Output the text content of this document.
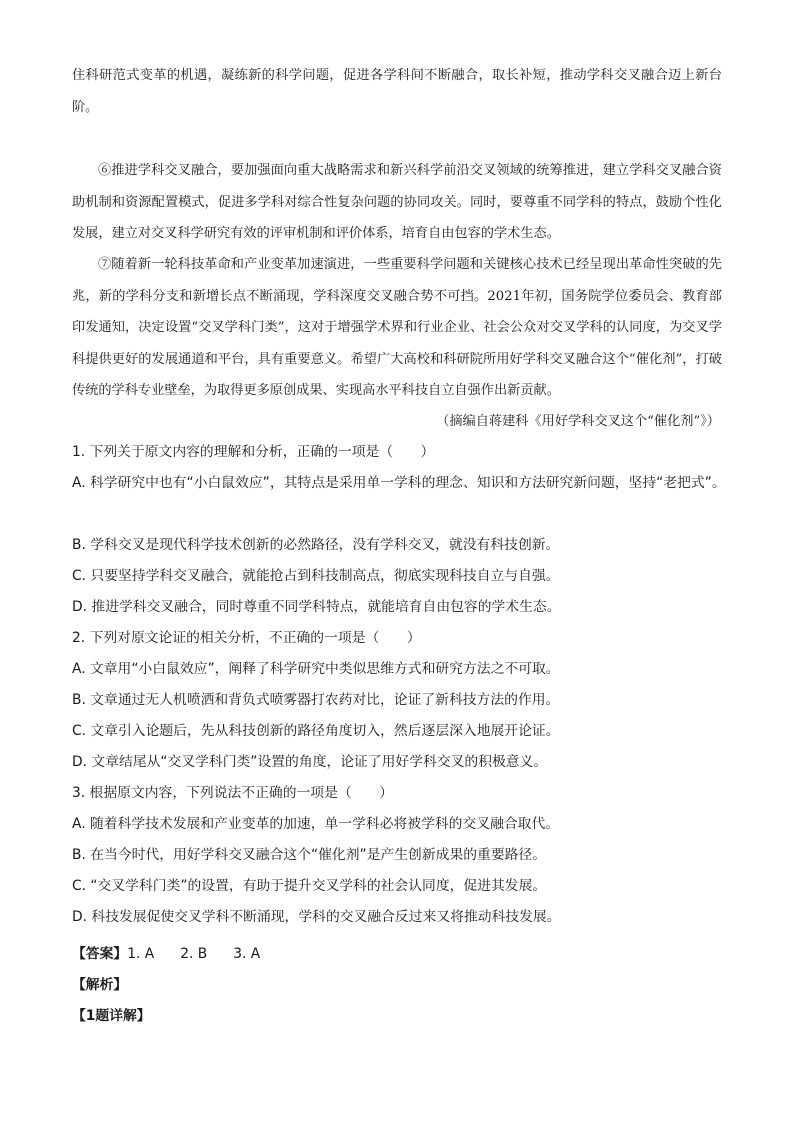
住科研范式变革的机遇，凝练新的科学问题，促进各学科间不断融合，取长补短，推动学科交叉融合迈上新台阶。

⑥推进学科交叉融合，要加强面向重大战略需求和新兴科学前沿交叉领域的统筹推进，建立学科交叉融合资助机制和资源配置模式，促进多学科对综合性复杂问题的协同攻关。同时，要尊重不同学科的特点，鼓励个性化发展，建立对交叉科学研究有效的评审机制和评价体系，培育自由包容的学术生态。

⑦随着新一轮科技革命和产业变革加速演进，一些重要科学问题和关键核心技术已经呈现出革命性突破的先兆，新的学科分支和新增长点不断涌现，学科深度交叉融合势不可挡。2021年初，国务院学位委员会、教育部印发通知，决定设置“交叉学科门类”，这对于增强学术界和行业企业、社会公众对交叉学科的认同度，为交叉学科提供更好的发展通道和平台，具有重要意义。希望广大高校和科研院所用好学科交叉融合这个“催化剂”，打破传统的学科专业壁垒，为取得更多原创成果、实现高水平科技自立自强作出新贡献。

（摘编自蒋建科《用好学科交叉这个“催化剂”》）

1. 下列关于原文内容的理解和分析，正确的一项是（　　）

A. 科学研究中也有“小白鼠效应”，其特点是采用单一学科的理念、知识和方法研究新问题，坚持“老把式”。

B. 学科交叉是现代科学技术创新的必然路径，没有学科交叉，就没有科技创新。

C. 只要坚持学科交叉融合，就能抢占到科技制高点，彻底实现科技自立与自强。

D. 推进学科交叉融合，同时尊重不同学科特点，就能培育自由包容的学术生态。

2. 下列对原文论证的相关分析，不正确的一项是（　　）

A. 文章用“小白鼠效应”，阐释了科学研究中类似思维方式和研究方法之不可取。

B. 文章通过无人机喷洒和背负式喷雾器打农药对比，论证了新科技方法的作用。

C. 文章引入论题后，先从科技创新的路径角度切入，然后逐层深入地展开论证。

D. 文章结尾从“交叉学科门类”设置的角度，论证了用好学科交叉的积极意义。

3. 根据原文内容，下列说法不正确的一项是（　　）

A. 随着科学技术发展和产业变革的加速，单一学科必将被学科的交叉融合取代。

B. 在当今时代，用好学科交叉融合这个“催化剂”是产生创新成果的重要路径。

C. “交叉学科门类”的设置，有助于提升交叉学科的社会认同度，促进其发展。

D. 科技发展促使交叉学科不断涌现，学科的交叉融合反过来又将推动科技发展。

【答案】1. A 2. B 3. A

【解析】

【1题详解】
